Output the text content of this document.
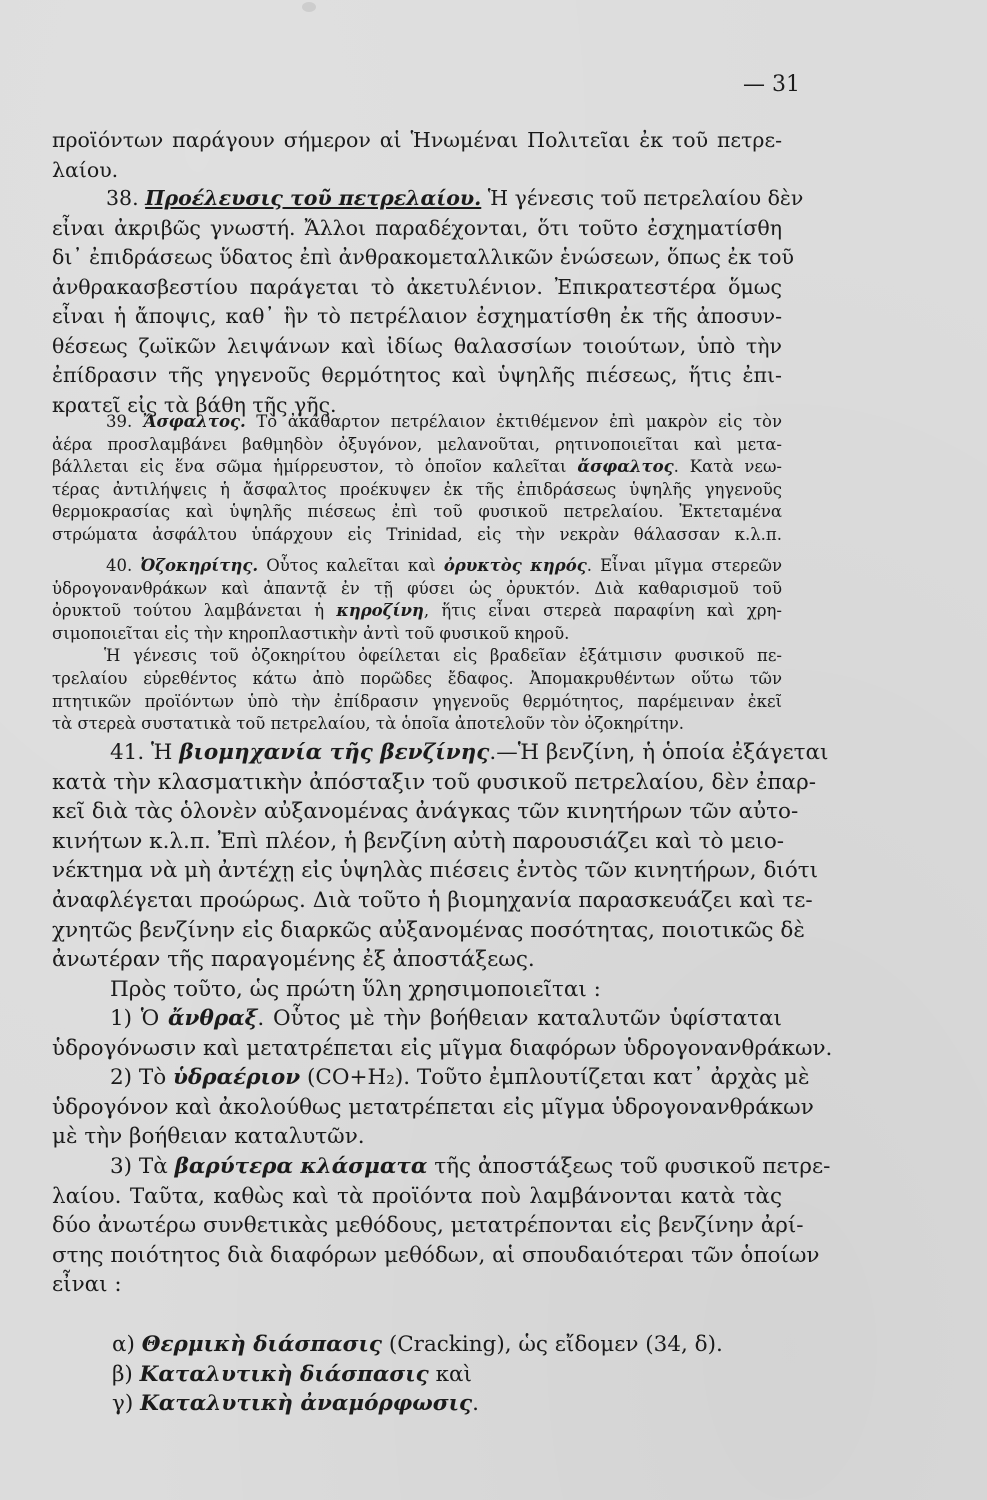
— 31
προϊόντων παράγουν σήμερον αἱ Ἡνωμέναι Πολιτεῖαι ἐκ τοῦ πετρε-
λαίου.
38. Προέλευσις τοῦ πετρελαίου. Ἡ γένεσις τοῦ πετρελαίου δὲν
εἶναι ἀκριβῶς γνωστή. Ἄλλοι παραδέχονται, ὅτι τοῦτο ἐσχηματίσθη
δι᾽ ἐπιδράσεως ὕδατος ἐπὶ ἀνθρακομεταλλικῶν ἑνώσεων, ὅπως ἐκ τοῦ
ἀνθρακασβεστίου παράγεται τὸ ἀκετυλένιον. Ἐπικρατεστέρα ὅμως
εἶναι ἡ ἄποψις, καθ᾽ ἣν τὸ πετρέλαιον ἐσχηματίσθη ἐκ τῆς ἀποσυν-
θέσεως ζωϊκῶν λειψάνων καὶ ἰδίως θαλασσίων τοιούτων, ὑπὸ τὴν
ἐπίδρασιν τῆς γηγενοῦς θερμότητος καὶ ὑψηλῆς πιέσεως, ἥτις ἐπι-
κρατεῖ εἰς τὰ βάθη τῆς γῆς.
39. Ἄσφαλτος. Τὸ ἀκάθαρτον πετρέλαιον ἐκτιθέμενον ἐπὶ μακρὸν εἰς τὸν
ἀέρα προσλαμβάνει βαθμηδὸν ὀξυγόνον, μελανοῦται, ρητινοποιεῖται καὶ μετα-
βάλλεται εἰς ἕνα σῶμα ἡμίρρευστον, τὸ ὁποῖον καλεῖται ἄσφαλτος. Κατὰ νεω-
τέρας ἀντιλήψεις ἡ ἄσφαλτος προέκυψεν ἐκ τῆς ἐπιδράσεως ὑψηλῆς γηγενοῦς
θερμοκρασίας καὶ ὑψηλῆς πιέσεως ἐπὶ τοῦ φυσικοῦ πετρελαίου. Ἐκτεταμένα
στρώματα ἀσφάλτου ὑπάρχουν εἰς Trinidad, εἰς τὴν νεκρὰν θάλασσαν κ.λ.π.
40. Ὀζοκηρίτης. Οὗτος καλεῖται καὶ ὀρυκτὸς κηρός. Εἶναι μῖγμα στερεῶν
ὑδρογονανθράκων καὶ ἀπαντᾷ ἐν τῇ φύσει ὡς ὀρυκτόν. Διὰ καθαρισμοῦ τοῦ
ὀρυκτοῦ τούτου λαμβάνεται ἡ κηροζίνη, ἥτις εἶναι στερεὰ παραφίνη καὶ χρη-
σιμοποιεῖται εἰς τὴν κηροπλαστικὴν ἀντὶ τοῦ φυσικοῦ κηροῦ.
Ἡ γένεσις τοῦ ὀζοκηρίτου ὀφείλεται εἰς βραδεῖαν ἐξάτμισιν φυσικοῦ πε-
τρελαίου εὑρεθέντος κάτω ἀπὸ πορῶδες ἔδαφος. Ἀπομακρυθέντων οὕτω τῶν
πτητικῶν προϊόντων ὑπὸ τὴν ἐπίδρασιν γηγενοῦς θερμότητος, παρέμειναν ἐκεῖ
τὰ στερεὰ συστατικὰ τοῦ πετρελαίου, τὰ ὁποῖα ἀποτελοῦν τὸν ὀζοκηρίτην.
41. Ἡ βιομηχανία τῆς βενζίνης.—Ἡ βενζίνη, ἡ ὁποία ἐξάγεται
κατὰ τὴν κλασματικὴν ἀπόσταξιν τοῦ φυσικοῦ πετρελαίου, δὲν ἐπαρ-
κεῖ διὰ τὰς ὁλονὲν αὐξανομένας ἀνάγκας τῶν κινητήρων τῶν αὐτο-
κινήτων κ.λ.π. Ἐπὶ πλέον, ἡ βενζίνη αὐτὴ παρουσιάζει καὶ τὸ μειο-
νέκτημα νὰ μὴ ἀντέχῃ εἰς ὑψηλὰς πιέσεις ἐντὸς τῶν κινητήρων, διότι
ἀναφλέγεται προώρως. Διὰ τοῦτο ἡ βιομηχανία παρασκευάζει καὶ τε-
χνητῶς βενζίνην εἰς διαρκῶς αὐξανομένας ποσότητας, ποιοτικῶς δὲ
ἀνωτέραν τῆς παραγομένης ἐξ ἀποστάξεως.
Πρὸς τοῦτο, ὡς πρώτη ὕλη χρησιμοποιεῖται :
1) Ὁ ἄνθραξ. Οὗτος μὲ τὴν βοήθειαν καταλυτῶν ὑφίσταται
ὑδρογόνωσιν καὶ μετατρέπεται εἰς μῖγμα διαφόρων ὑδρογονανθράκων.
2) Τὸ ὑδραέριον (CO+H₂). Τοῦτο ἐμπλουτίζεται κατ᾽ ἀρχὰς μὲ
ὑδρογόνον καὶ ἀκολούθως μετατρέπεται εἰς μῖγμα ὑδρογονανθράκων
μὲ τὴν βοήθειαν καταλυτῶν.
3) Τὰ βαρύτερα κλάσματα τῆς ἀποστάξεως τοῦ φυσικοῦ πετρε-
λαίου. Ταῦτα, καθὼς καὶ τὰ προϊόντα ποὺ λαμβάνονται κατὰ τὰς
δύο ἀνωτέρω συνθετικὰς μεθόδους, μετατρέπονται εἰς βενζίνην ἀρί-
στης ποιότητος διὰ διαφόρων μεθόδων, αἱ σπουδαιότεραι τῶν ὁποίων
εἶναι :
α) Θερμικὴ διάσπασις (Cracking), ὡς εἴδομεν (34, δ).
β) Καταλυτικὴ διάσπασις καὶ
γ) Καταλυτικὴ ἀναμόρφωσις.
